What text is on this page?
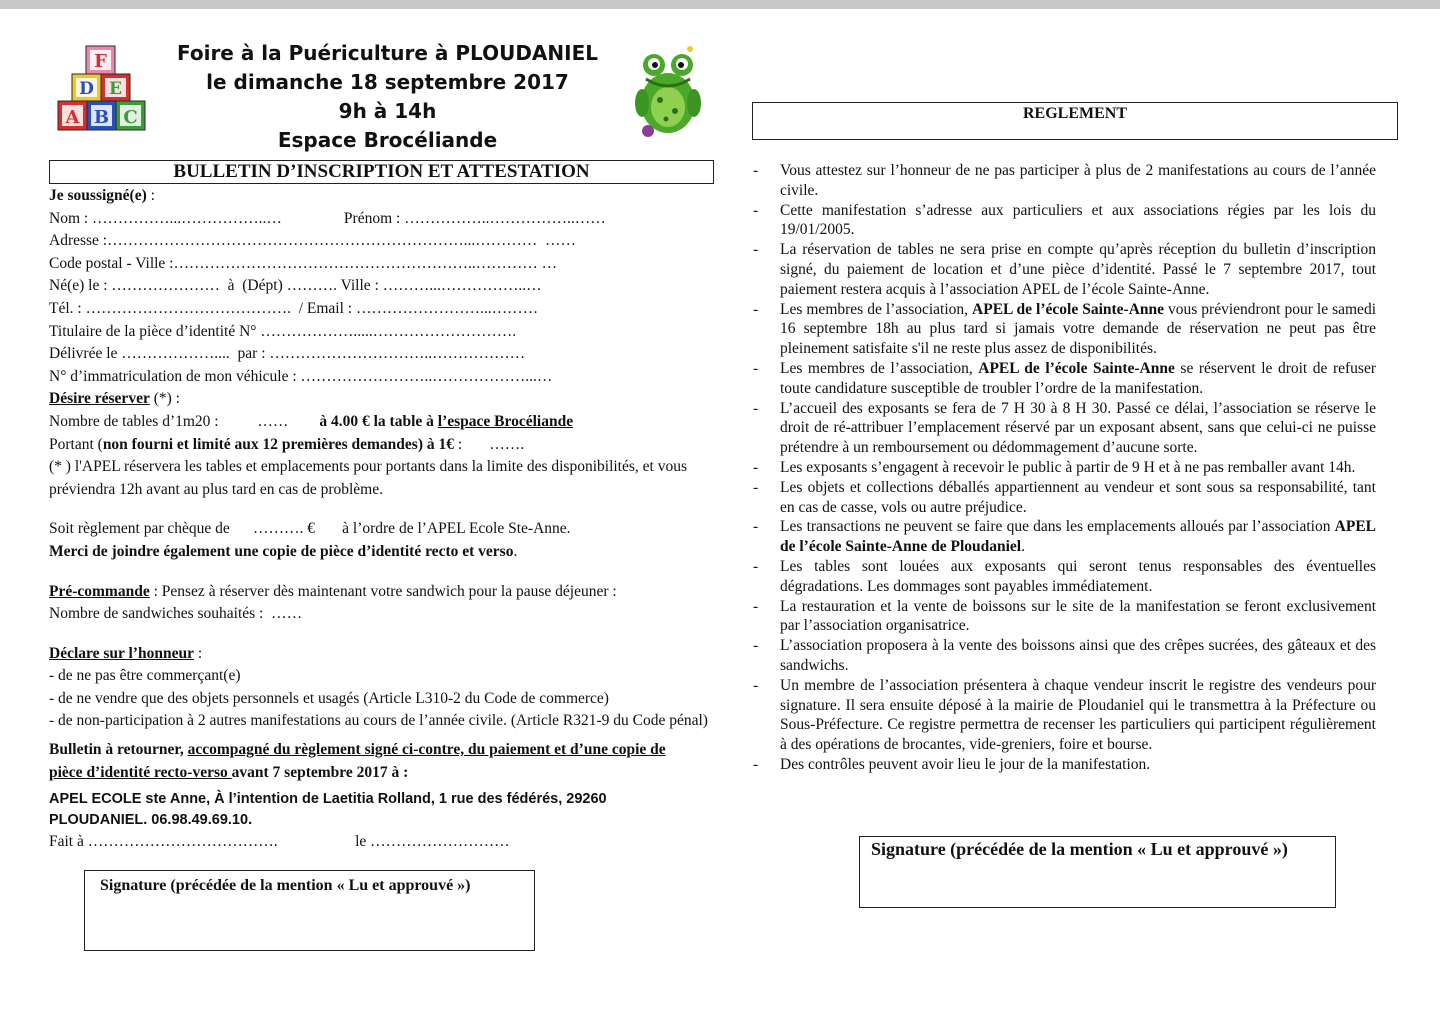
F
D E
A B C
Foire à la Puériculture à PLOUDANIEL
le dimanche 18 septembre 2017
9h à 14h
Espace Brocéliande
BULLETIN D’INSCRIPTION ET ATTESTATION

Je soussigné(e) :

Nom : ……………...……………..…                Prénom : ……………..……………..……

Adresse :……………………………………………………………...…………  ……

Code postal - Ville :…………………………………………………..………… …

Né(e) le : …………………  à  (Dépt) ………. Ville : ………...……………..…

Tél. : ………………………………….  / Email : ……………………...………

Titulaire de la pièce d’identité N° ……………….....……………………….

Délivrée le ………………....  par : …………………………..………………

N° d’immatriculation de mon véhicule : ……………………..………………...…

Désire réserver (*) :

Nombre de tables d’1m20 :          ……        à 4.00 € la table à l’espace Brocéliande

Portant (non fourni et limité aux 12 premières demandes) à 1€ :       …….

(* ) l'APEL réservera les tables et emplacements pour portants dans la limite des disponibilités, et vous préviendra 12h avant au plus tard en cas de problème.

Soit règlement par chèque de      ………. €       à l’ordre de l’APEL Ecole Ste-Anne.

Merci de joindre également une copie de pièce d’identité recto et verso.

Pré-commande : Pensez à réserver dès maintenant votre sandwich pour la pause déjeuner :

Nombre de sandwiches souhaités :  ……

Déclare sur l’honneur :

- de ne pas être commerçant(e)

- de ne vendre que des objets personnels et usagés (Article L310-2 du Code de commerce)

- de non-participation à 2 autres manifestations au cours de l’année civile. (Article R321-9 du Code pénal)

Bulletin à retourner, accompagné du règlement signé ci-contre, du paiement et d’une copie de pièce d’identité recto-verso avant 7 septembre 2017 à :

APEL ECOLE ste Anne, À l’intention de Laetitia Rolland, 1 rue des fédérés, 29260 PLOUDANIEL. 06.98.49.69.10.

Fait à ……………………………….                    le ………………………

Signature (précédée de la mention « Lu et approuvé »)
REGLEMENT
- Vous attestez sur l’honneur de ne pas participer à plus de 2 manifestations au cours de l’année civile.
- Cette manifestation s’adresse aux particuliers et aux associations régies par les lois du 19/01/2005.
- La réservation de tables ne sera prise en compte qu’après réception du bulletin d’inscription signé, du paiement de location et d’une pièce d’identité. Passé le 7 septembre 2017, tout paiement restera acquis à l’association APEL de l’école Sainte-Anne.
- Les membres de l’association, APEL de l’école Sainte-Anne vous préviendront pour le samedi 16 septembre 18h au plus tard si jamais votre demande de réservation ne peut pas être pleinement satisfaite s'il ne reste plus assez de disponibilités.
- Les membres de l’association, APEL de l’école Sainte-Anne se réservent le droit de refuser toute candidature susceptible de troubler l’ordre de la manifestation.
- L’accueil des exposants se fera de 7 H 30 à 8 H 30. Passé ce délai, l’association se réserve le droit de ré-attribuer l’emplacement réservé par un exposant absent, sans que celui-ci ne puisse prétendre à un remboursement ou dédommagement d’aucune sorte.
- Les exposants s’engagent à recevoir le public à partir de 9 H et à ne pas remballer avant 14h.
- Les objets et collections déballés appartiennent au vendeur et sont sous sa responsabilité, tant en cas de casse, vols ou autre préjudice.
- Les transactions ne peuvent se faire que dans les emplacements alloués par l’association APEL de l’école Sainte-Anne de Ploudaniel.
- Les tables sont louées aux exposants qui seront tenus responsables des éventuelles dégradations. Les dommages sont payables immédiatement.
- La restauration et la vente de boissons sur le site de la manifestation se feront exclusivement par l’association organisatrice.
- L’association proposera à la vente des boissons ainsi que des crêpes sucrées, des gâteaux et des sandwichs.
- Un membre de l’association présentera à chaque vendeur inscrit le registre des vendeurs pour signature. Il sera ensuite déposé à la mairie de Ploudaniel qui le transmettra à la Préfecture ou Sous-Préfecture. Ce registre permettra de recenser les particuliers qui participent régulièrement à des opérations de brocantes, vide-greniers, foire et bourse.
- Des contrôles peuvent avoir lieu le jour de la manifestation.
Signature (précédée de la mention « Lu et approuvé »)
